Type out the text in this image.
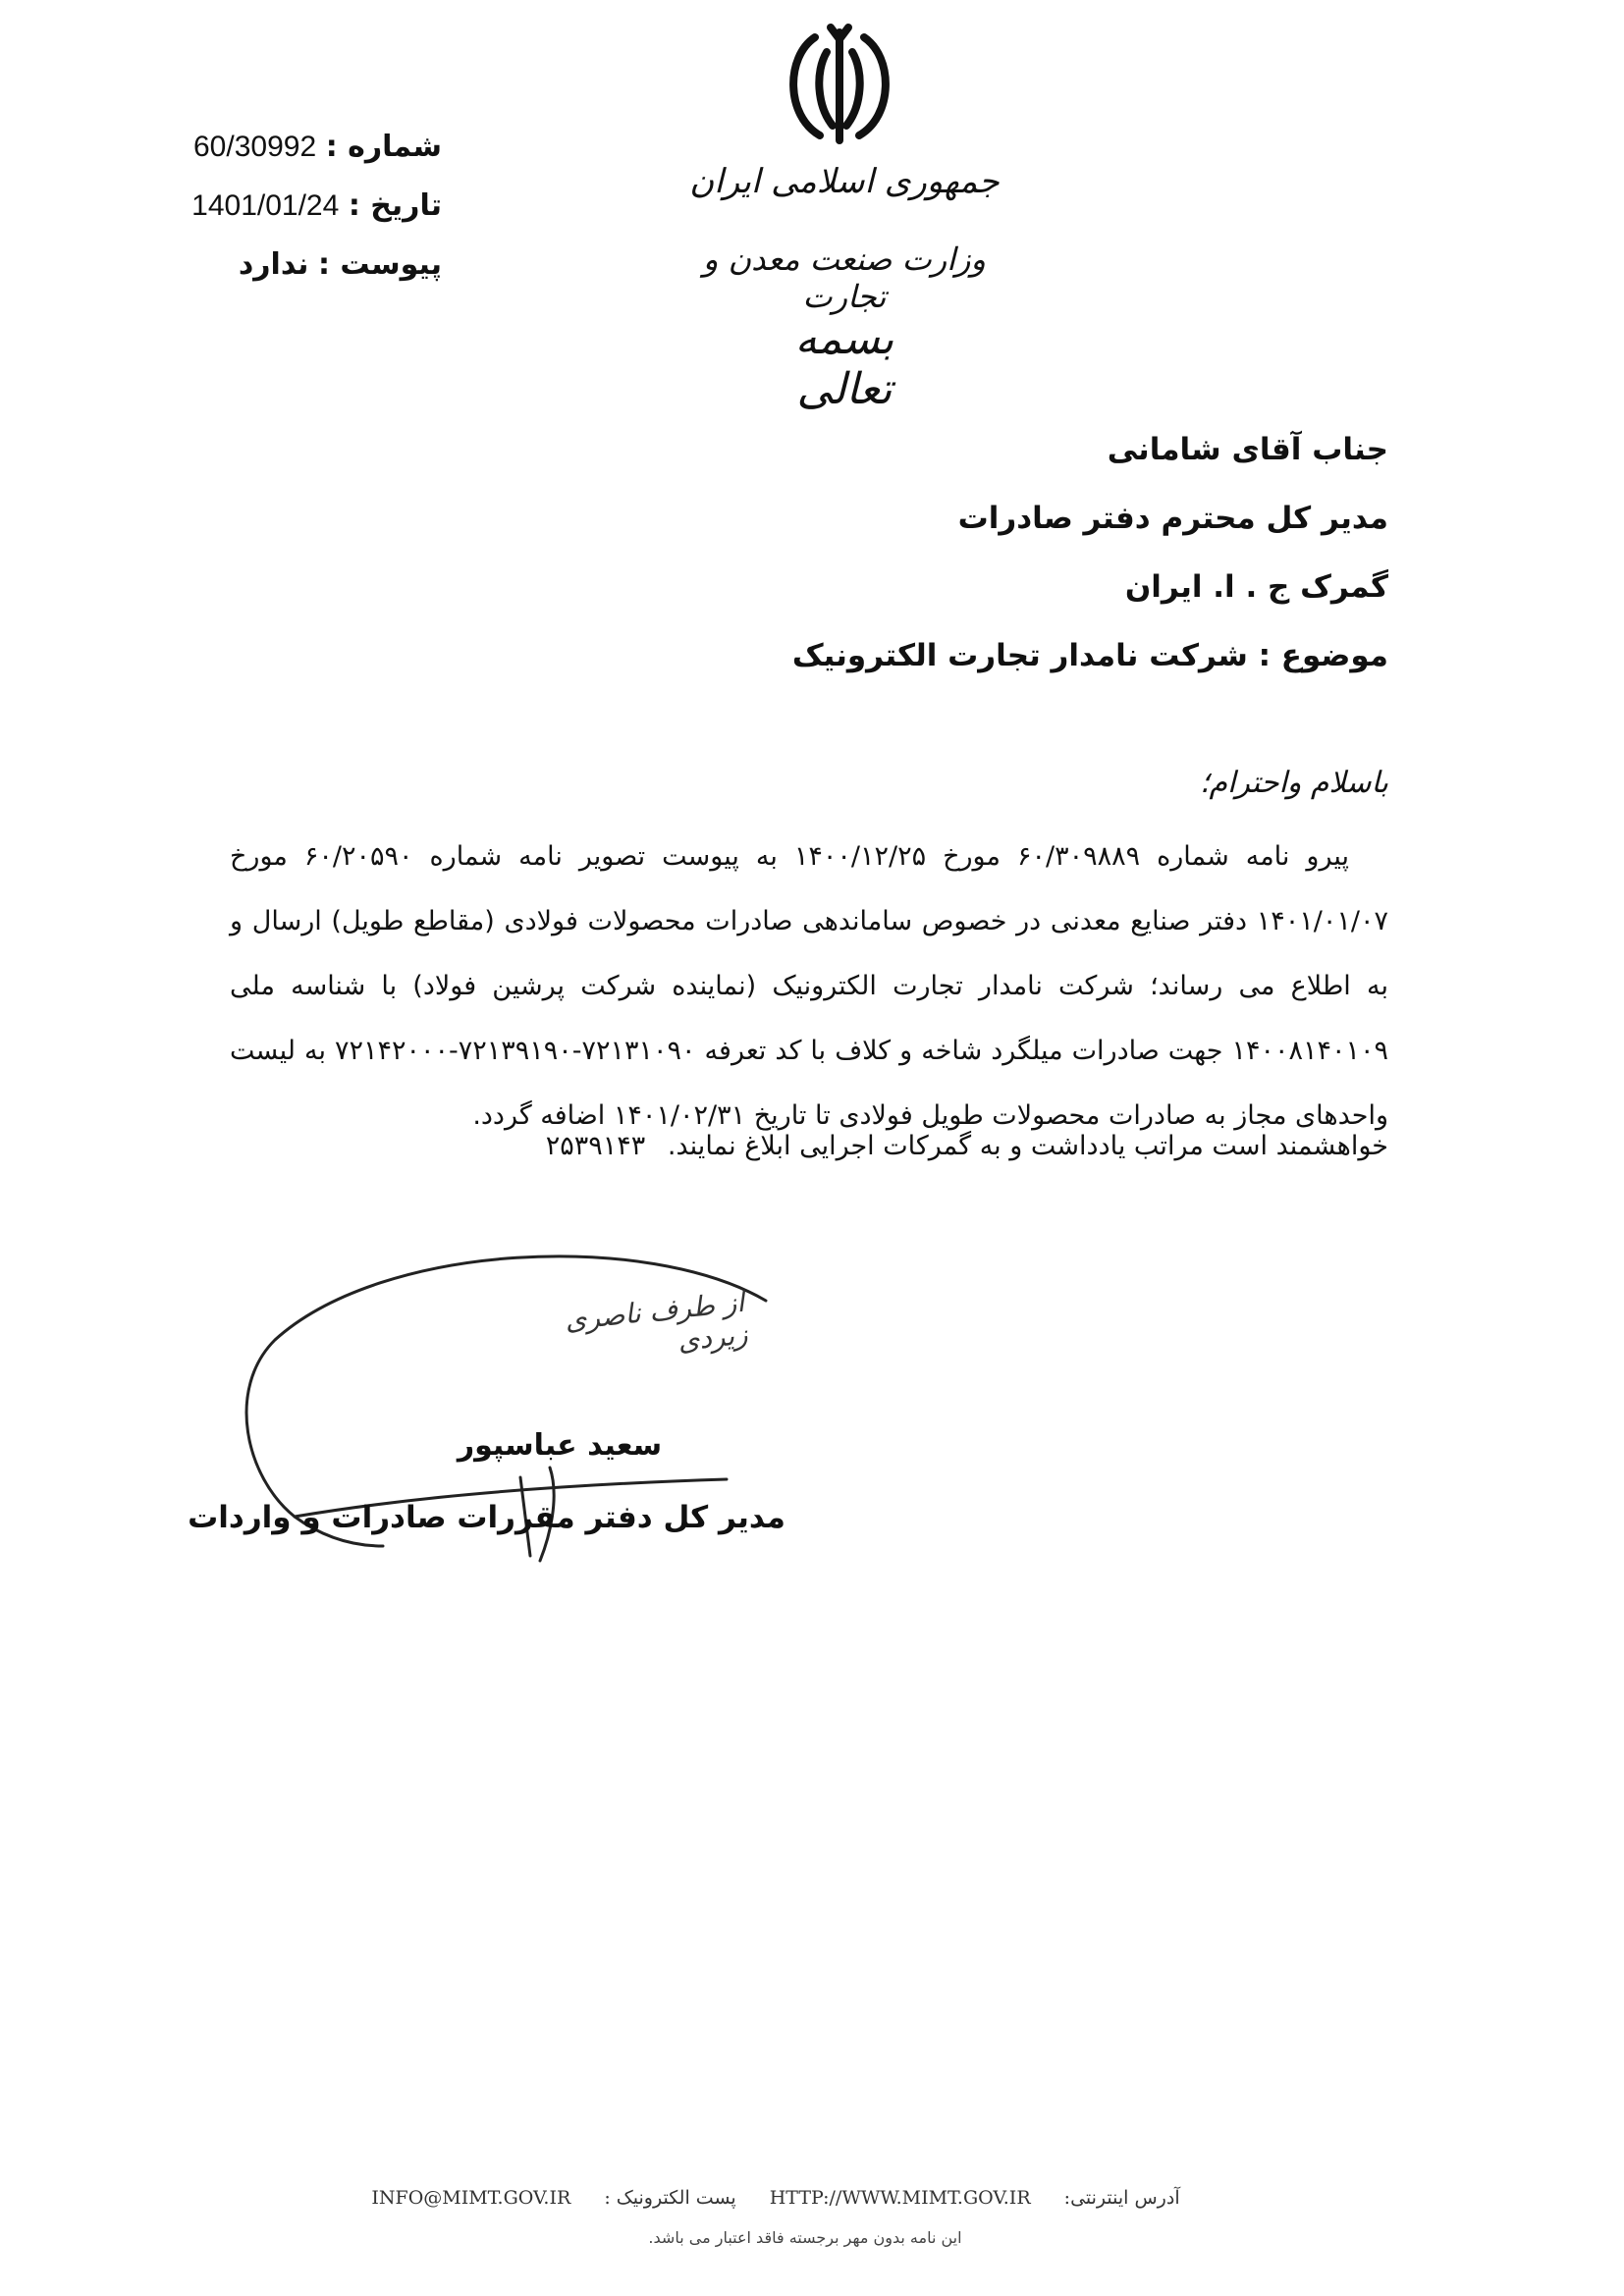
شماره : 60/30992
تاریخ : 1401/01/24
پیوست : ندارد
جمهوری اسلامی ایران
وزارت صنعت معدن و تجارت
بسمه تعالی
جناب آقای شامانی
مدیر کل محترم دفتر صادرات
گمرک ج . ا. ایران
موضوع : شرکت نامدار تجارت الکترونیک
باسلام واحترام؛
پیرو نامه شماره ۶۰/۳۰۹۸۸۹ مورخ ۱۴۰۰/۱۲/۲۵ به پیوست تصویر نامه شماره ۶۰/۲۰۵۹۰ مورخ ۱۴۰۱/۰۱/۰۷ دفتر صنایع معدنی در خصوص ساماندهی صادرات محصولات فولادی (مقاطع طویل) ارسال و به اطلاع می رساند؛ شرکت نامدار تجارت الکترونیک (نماینده شرکت پرشین فولاد) با شناسه ملی ۱۴۰۰۸۱۴۰۱۰۹ جهت صادرات میلگرد شاخه و کلاف با کد تعرفه ۷۲۱۳۱۰۹۰-۷۲۱۳۹۱۹۰-۷۲۱۴۲۰۰۰ به لیست واحدهای مجاز به صادرات محصولات طویل فولادی تا تاریخ ۱۴۰۱/۰۲/۳۱ اضافه گردد.
خواهشمند است مراتب یادداشت و به گمرکات اجرایی ابلاغ نمایند. ۲۵۳۹۱۴۳
از طرف ناصری زیردی
سعید عباسپور
مدیر کل دفتر مقررات صادرات و واردات
INFO@MIMT.GOV.IR پست الکترونیک : HTTP://WWW.MIMT.GOV.IR آدرس اینترنتی:
این نامه بدون مهر برجسته فاقد اعتبار می باشد.
